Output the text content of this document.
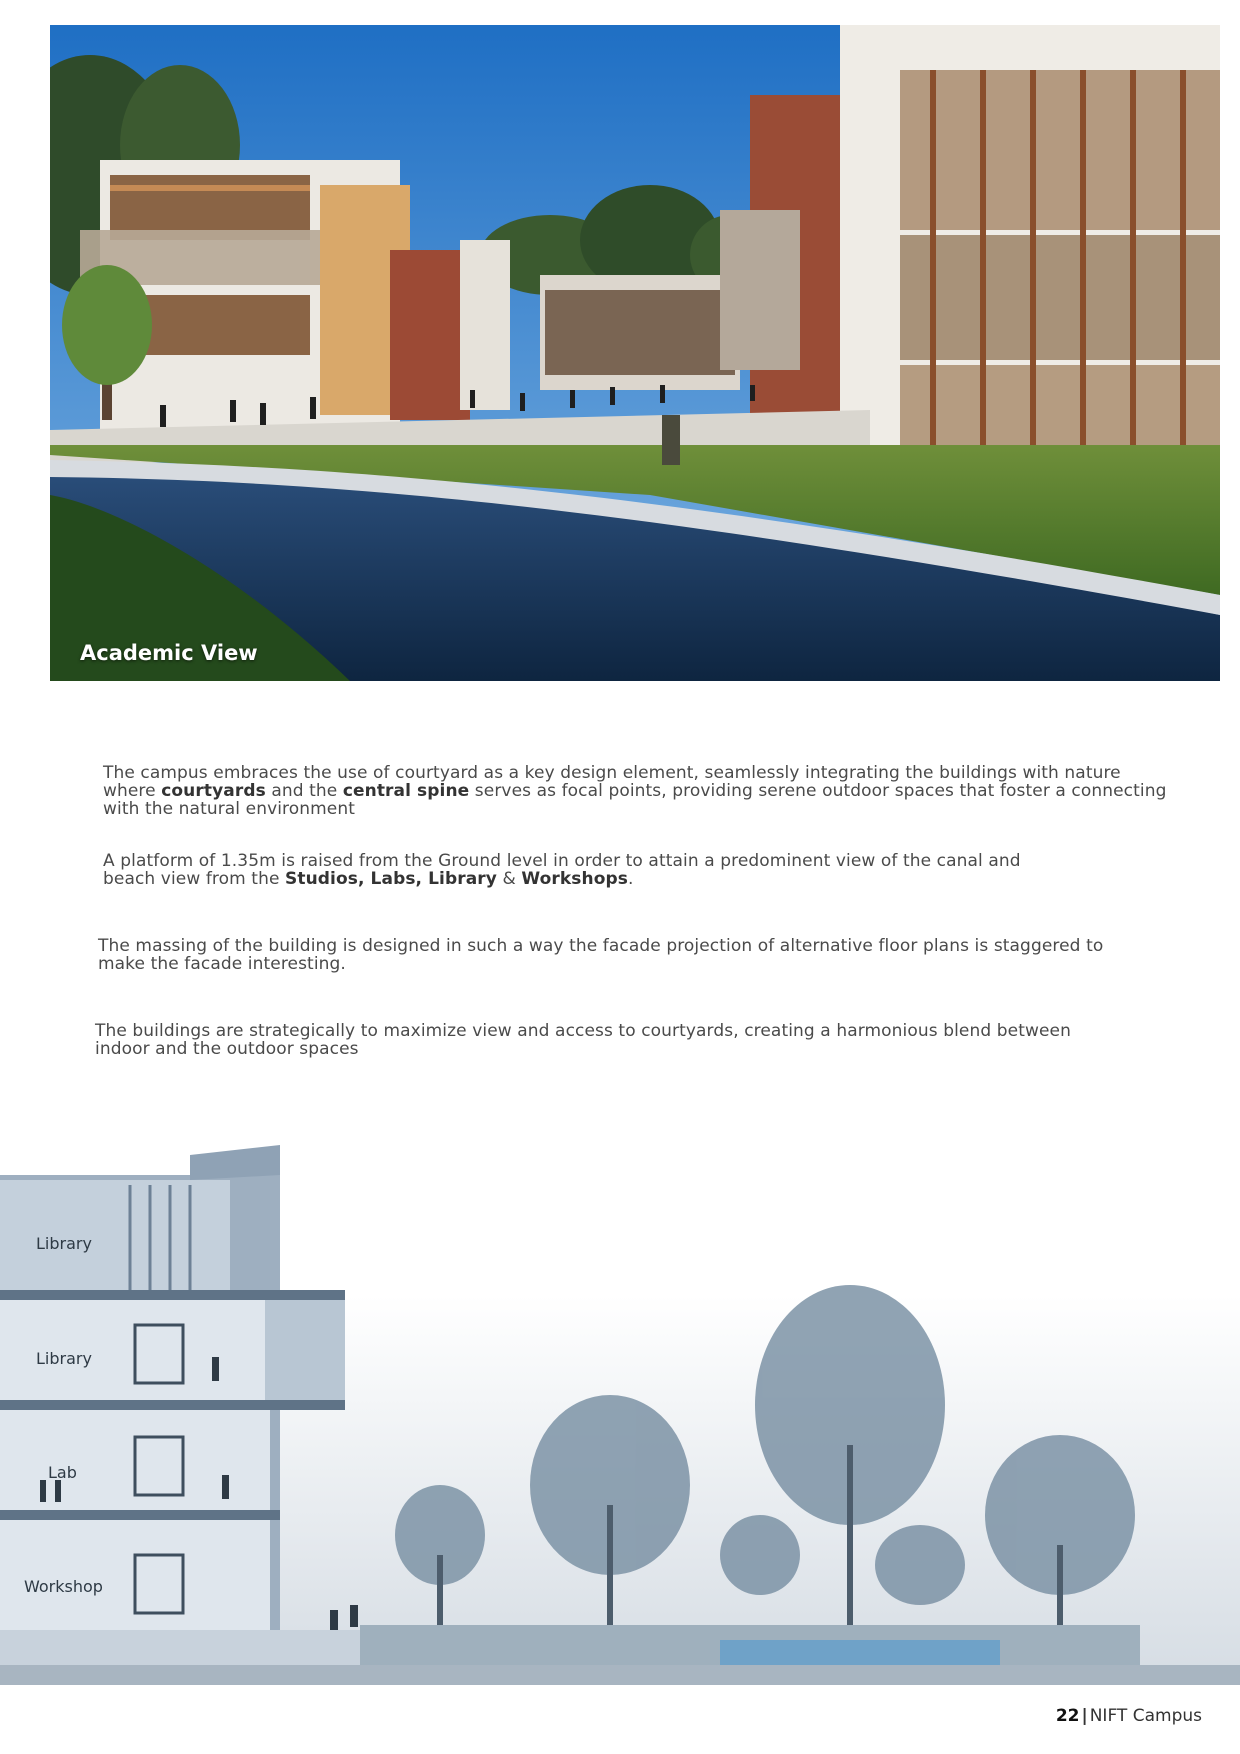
Academic View
The campus embraces the use of courtyard as a key design element, seamlessly integrating the buildings with nature
where courtyards and the central spine serves as focal points, providing serene outdoor spaces that foster a connecting
with the natural environment
A platform of 1.35m is raised from the Ground level in order to attain a predominent view of the canal and
beach view from the Studios, Labs, Library & Workshops.
The massing of the building is designed in such a way the facade projection of alternative floor plans is staggered to
make the facade interesting.
The buildings are strategically to maximize view and access to courtyards, creating a harmonious blend between
indoor and the outdoor spaces
Library
Library
Lab
Workshop
22 | NIFT Campus
